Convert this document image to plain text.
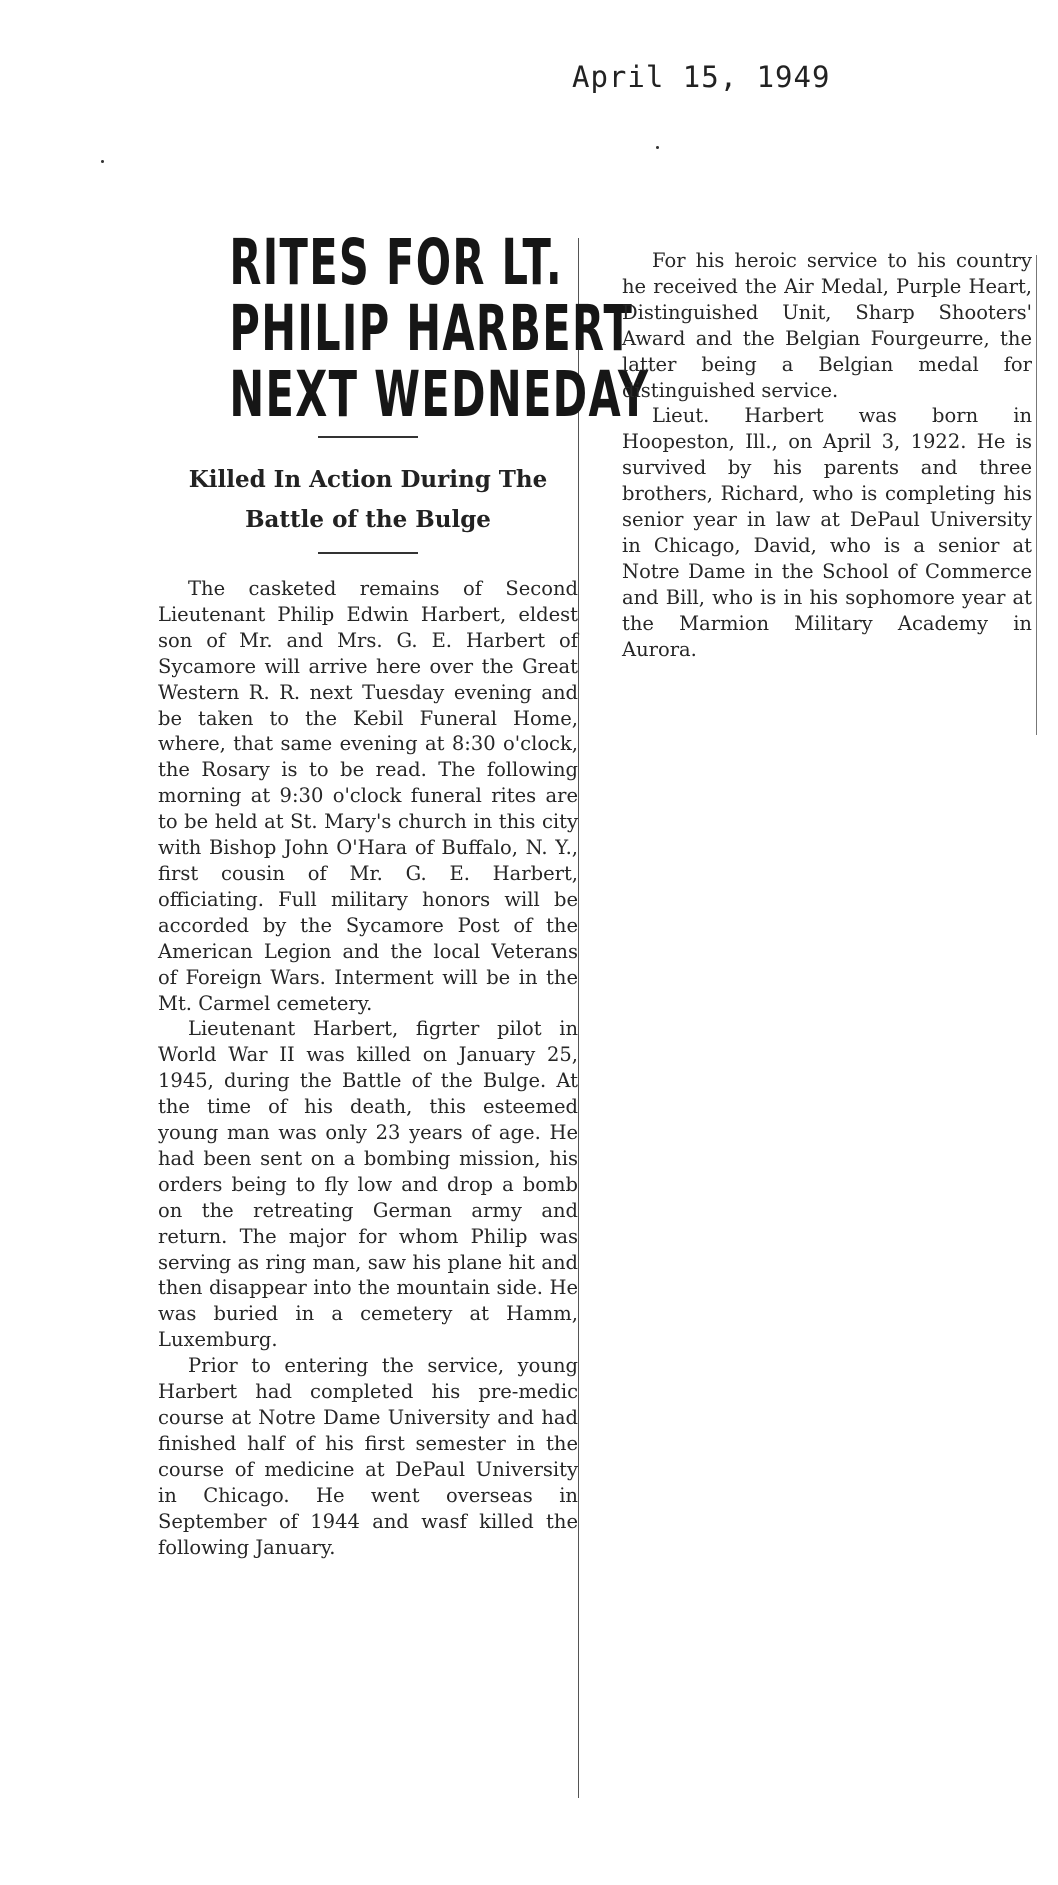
April 15, 1949
RITES FOR LT.
PHILIP HARBERT
NEXT WEDNEDAY
Killed In Action During The Battle of the Bulge

The casketed remains of Second Lieutenant Philip Edwin Harbert, eldest son of Mr. and Mrs. G. E. Harbert of Sycamore will arrive here over the Great Western R. R. next Tuesday evening and be taken to the Kebil Funeral Home, where, that same evening at 8:30 o'clock, the Rosary is to be read. The following morning at 9:30 o'clock funeral rites are to be held at St. Mary's church in this city with Bishop John O'Hara of Buffalo, N. Y., first cousin of Mr. G. E. Harbert, officiating. Full military honors will be accorded by the Sycamore Post of the American Legion and the local Veterans of Foreign Wars. Interment will be in the Mt. Carmel cemetery.

Lieutenant Harbert, figrter pilot in World War II was killed on January 25, 1945, during the Battle of the Bulge. At the time of his death, this esteemed young man was only 23 years of age. He had been sent on a bombing mission, his orders being to fly low and drop a bomb on the retreating German army and return. The major for whom Philip was serving as ring man, saw his plane hit and then disappear into the mountain side. He was buried in a cemetery at Hamm, Luxemburg.

Prior to entering the service, young Harbert had completed his pre-medic course at Notre Dame University and had finished half of his first semester in the course of medicine at DePaul University in Chicago. He went overseas in September of 1944 and wasf killed the following January.

For his heroic service to his country he received the Air Medal, Purple Heart, Distinguished Unit, Sharp Shooters' Award and the Belgian Fourgeurre, the latter being a Belgian medal for distinguished service.

Lieut. Harbert was born in Hoopeston, Ill., on April 3, 1922. He is survived by his parents and three brothers, Richard, who is completing his senior year in law at DePaul University in Chicago, David, who is a senior at Notre Dame in the School of Commerce and Bill, who is in his sophomore year at the Marmion Military Academy in Aurora.
